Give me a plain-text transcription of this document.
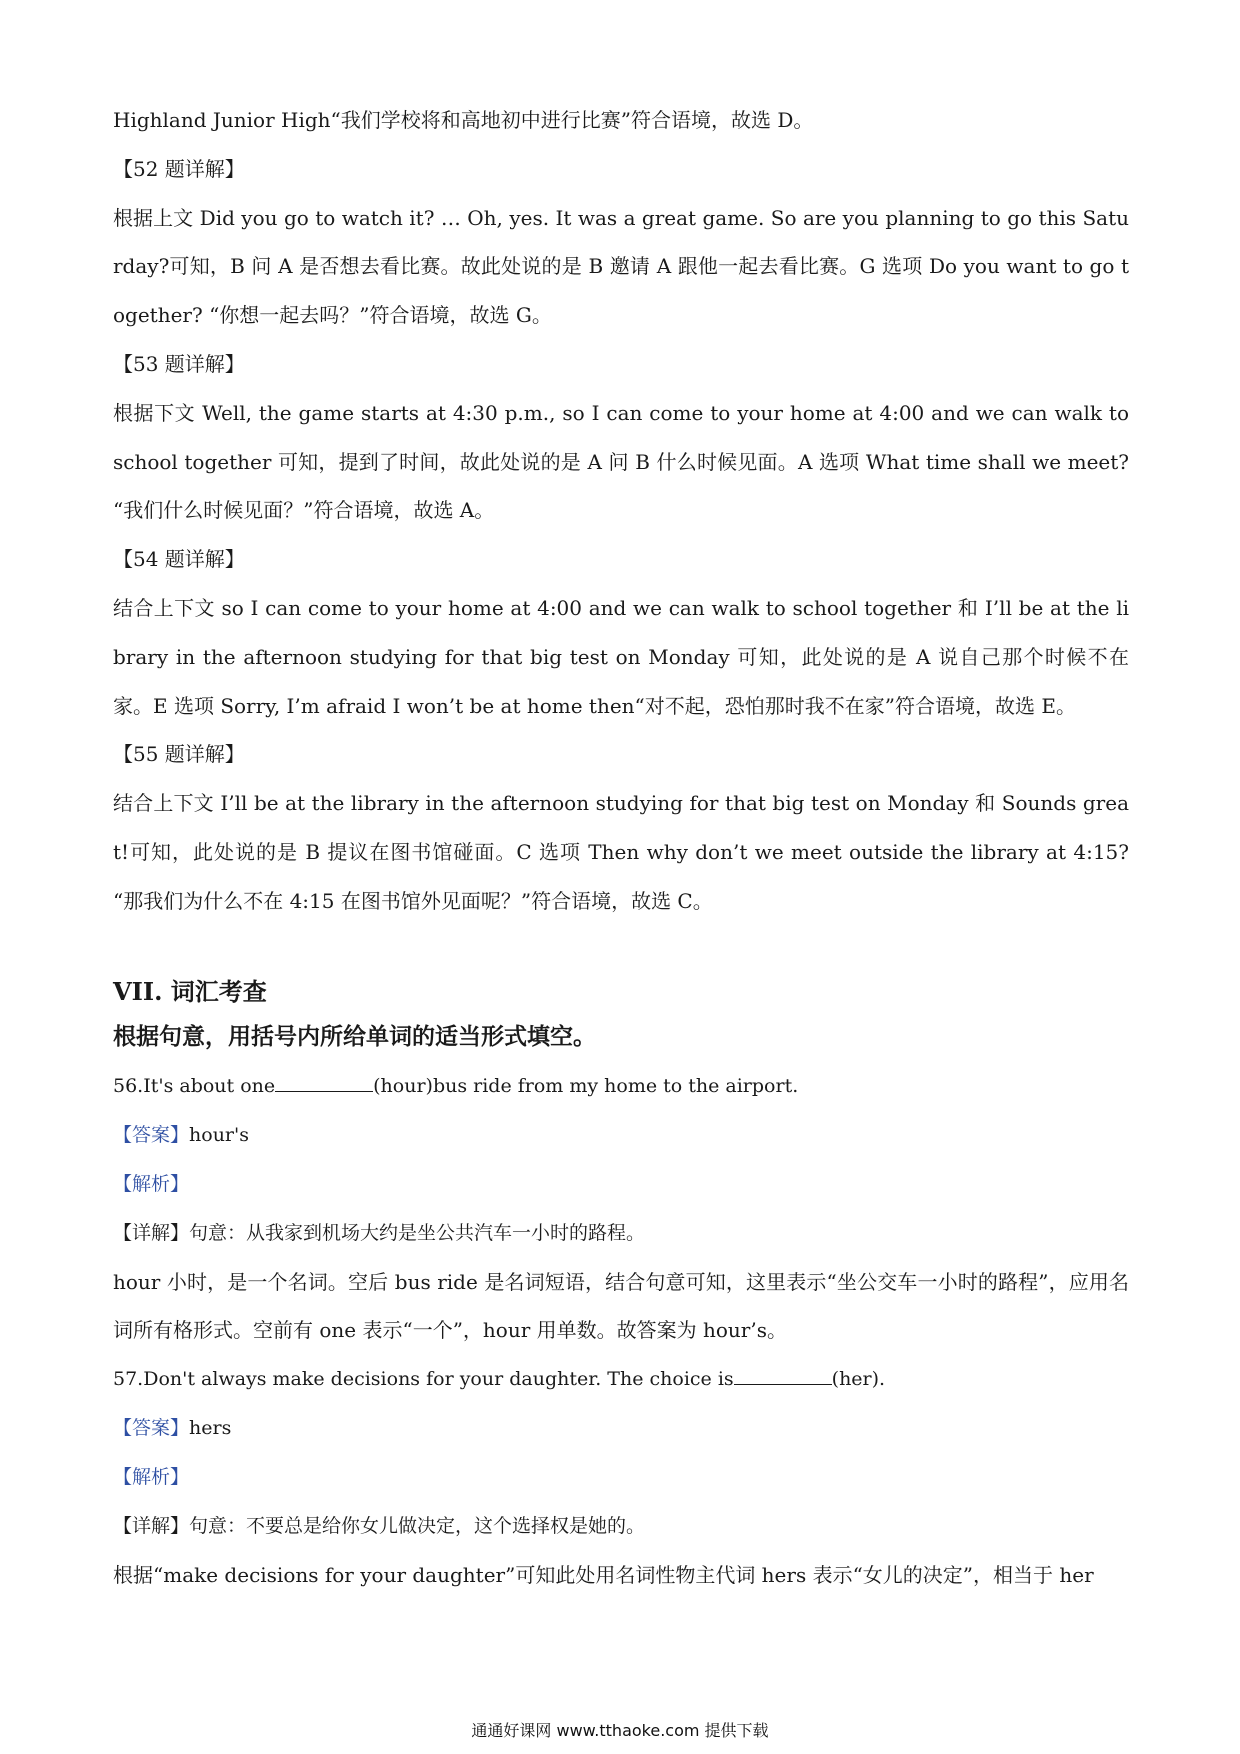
Highland Junior High“我们学校将和高地初中进行比赛”符合语境，故选 D。

【52 题详解】

根据上文 Did you go to watch it? … Oh, yes. It was a great game. So are you planning to go this Saturday?可知，B 问 A 是否想去看比赛。故此处说的是 B 邀请 A 跟他一起去看比赛。G 选项 Do you want to go together? “你想一起去吗？”符合语境，故选 G。

【53 题详解】

根据下文 Well, the game starts at 4:30 p.m., so I can come to your home at 4:00 and we can walk to school together 可知，提到了时间，故此处说的是 A 问 B 什么时候见面。A 选项 What time shall we meet? “我们什么时候见面？”符合语境，故选 A。

【54 题详解】

结合上下文 so I can come to your home at 4:00 and we can walk to school together 和 I’ll be at the library in the afternoon studying for that big test on Monday 可知，此处说的是 A 说自己那个时候不在家。E 选项 Sorry, I’m afraid I won’t be at home then“对不起，恐怕那时我不在家”符合语境，故选 E。

【55 题详解】

结合上下文 I’ll be at the library in the afternoon studying for that big test on Monday 和 Sounds great!可知，此处说的是 B 提议在图书馆碰面。C 选项 Then why don’t we meet outside the library at 4:15? “那我们为什么不在 4:15 在图书馆外见面呢？”符合语境，故选 C。

VII. 词汇考查

根据句意，用括号内所给单词的适当形式填空。

56.It's about one	(hour)bus ride from my home to the airport.

【答案】hour's

【解析】

【详解】句意：从我家到机场大约是坐公共汽车一小时的路程。

hour 小时，是一个名词。空后 bus ride 是名词短语，结合句意可知，这里表示“坐公交车一小时的路程”，应用名词所有格形式。空前有 one 表示“一个”，hour 用单数。故答案为 hour’s。

57.Don't always make decisions for your daughter. The choice is	(her).

【答案】hers

【解析】

【详解】句意：不要总是给你女儿做决定，这个选择权是她的。

根据“make decisions for your daughter”可知此处用名词性物主代词 hers 表示“女儿的决定”，相当于 her

通通好课网 www.tthaoke.com 提供下载
